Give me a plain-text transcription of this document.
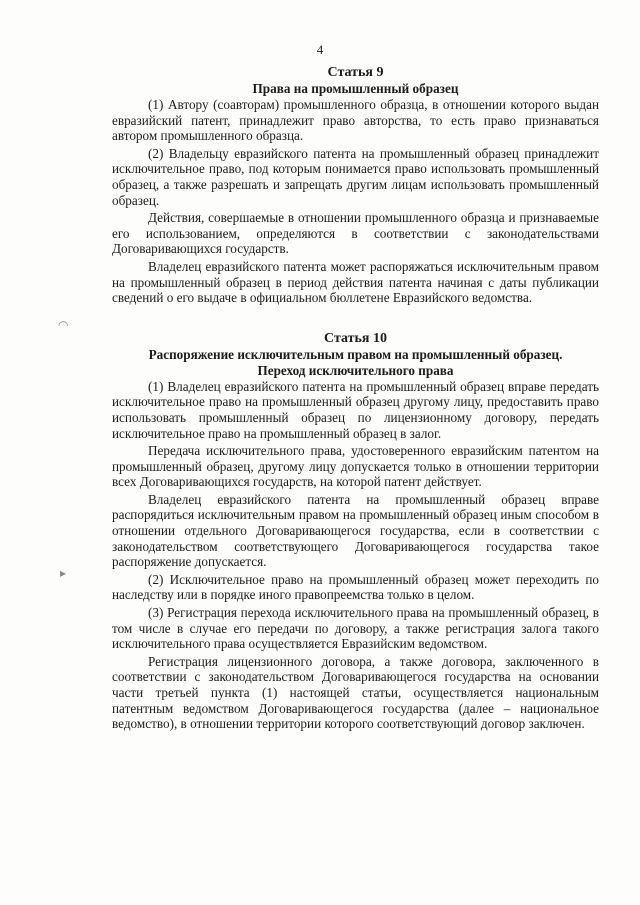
4
◠
▸
Статья 9
Права на промышленный образец

(1) Автору (соавторам) промышленного образца, в отношении которого выдан евразийский патент, принадлежит право авторства, то есть право признаваться автором промышленного образца.

(2) Владельцу евразийского патента на промышленный образец принадлежит исключительное право, под которым понимается право использовать промышленный образец, а также разрешать и запрещать другим лицам использовать промышленный образец.

Действия, совершаемые в отношении промышленного образца и признаваемые его использованием, определяются в соответствии с законодательствами Договаривающихся государств.

Владелец евразийского патента может распоряжаться исключительным правом на промышленный образец в период действия патента начиная с даты публикации сведений о его выдаче в официальном бюллетене Евразийского ведомства.

Статья 10
Распоряжение исключительным правом на промышленный образец.
Переход исключительного права

(1) Владелец евразийского патента на промышленный образец вправе передать исключительное право на промышленный образец другому лицу, предоставить право использовать промышленный образец по лицензионному договору, передать исключительное право на промышленный образец в залог.

Передача исключительного права, удостоверенного евразийским патентом на промышленный образец, другому лицу допускается только в отношении территории всех Договаривающихся государств, на которой патент действует.

Владелец евразийского патента на промышленный образец вправе распорядиться исключительным правом на промышленный образец иным способом в отношении отдельного Договаривающегося государства, если в соответствии с законодательством соответствующего Договаривающегося государства такое распоряжение допускается.

(2) Исключительное право на промышленный образец может переходить по наследству или в порядке иного правопреемства только в целом.

(3) Регистрация перехода исключительного права на промышленный образец, в том числе в случае его передачи по договору, а также регистрация залога такого исключительного права осуществляется Евразийским ведомством.

Регистрация лицензионного договора, а также договора, заключенного в соответствии с законодательством Договаривающегося государства на основании части третьей пункта (1) настоящей статьи, осуществляется национальным патентным ведомством Договаривающегося государства (далее – национальное ведомство), в отношении территории которого соответствующий договор заключен.
